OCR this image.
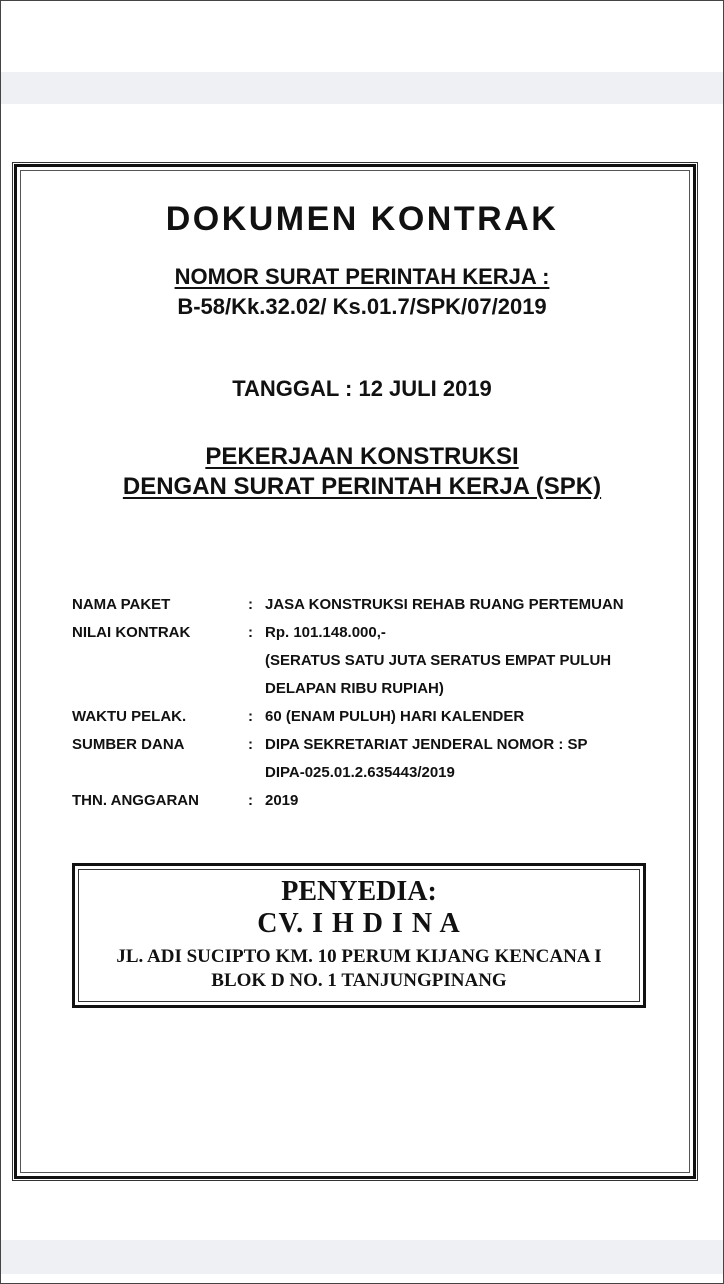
DOKUMEN KONTRAK
NOMOR SURAT PERINTAH KERJA :
B-58/Kk.32.02/ Ks.01.7/SPK/07/2019
TANGGAL : 12 JULI 2019
PEKERJAAN KONSTRUKSI
DENGAN SURAT PERINTAH KERJA (SPK)
NAMA PAKET	: JASA KONSTRUKSI REHAB RUANG PERTEMUAN
NILAI KONTRAK	: Rp. 101.148.000,-
(SERATUS SATU JUTA SERATUS EMPAT PULUH
DELAPAN RIBU RUPIAH)
WAKTU PELAK.	: 60 (ENAM PULUH) HARI KALENDER
SUMBER DANA	: DIPA SEKRETARIAT JENDERAL NOMOR : SP
DIPA-025.01.2.635443/2019
THN. ANGGARAN	: 2019
PENYEDIA:
CV. I H D I N A
JL. ADI SUCIPTO KM. 10 PERUM KIJANG KENCANA I
BLOK D NO. 1 TANJUNGPINANG
